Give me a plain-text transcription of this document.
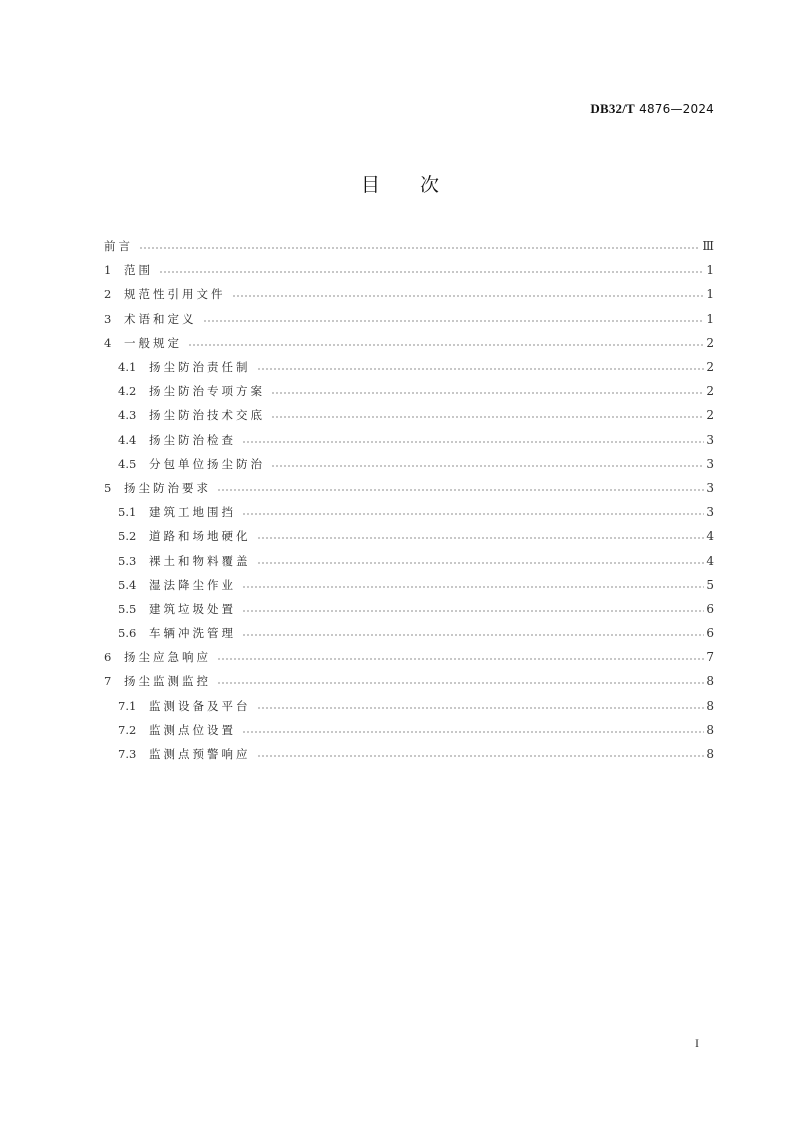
DB32/T 4876—2024
目 次
前言	Ⅲ
1	范围	1
2	规范性引用文件	1
3	术语和定义	1
4	一般规定	2
4.1	扬尘防治责任制	2
4.2	扬尘防治专项方案	2
4.3	扬尘防治技术交底	2
4.4	扬尘防治检查	3
4.5	分包单位扬尘防治	3
5	扬尘防治要求	3
5.1	建筑工地围挡	3
5.2	道路和场地硬化	4
5.3	裸土和物料覆盖	4
5.4	湿法降尘作业	5
5.5	建筑垃圾处置	6
5.6	车辆冲洗管理	6
6	扬尘应急响应	7
7	扬尘监测监控	8
7.1	监测设备及平台	8
7.2	监测点位设置	8
7.3	监测点预警响应	8
I
